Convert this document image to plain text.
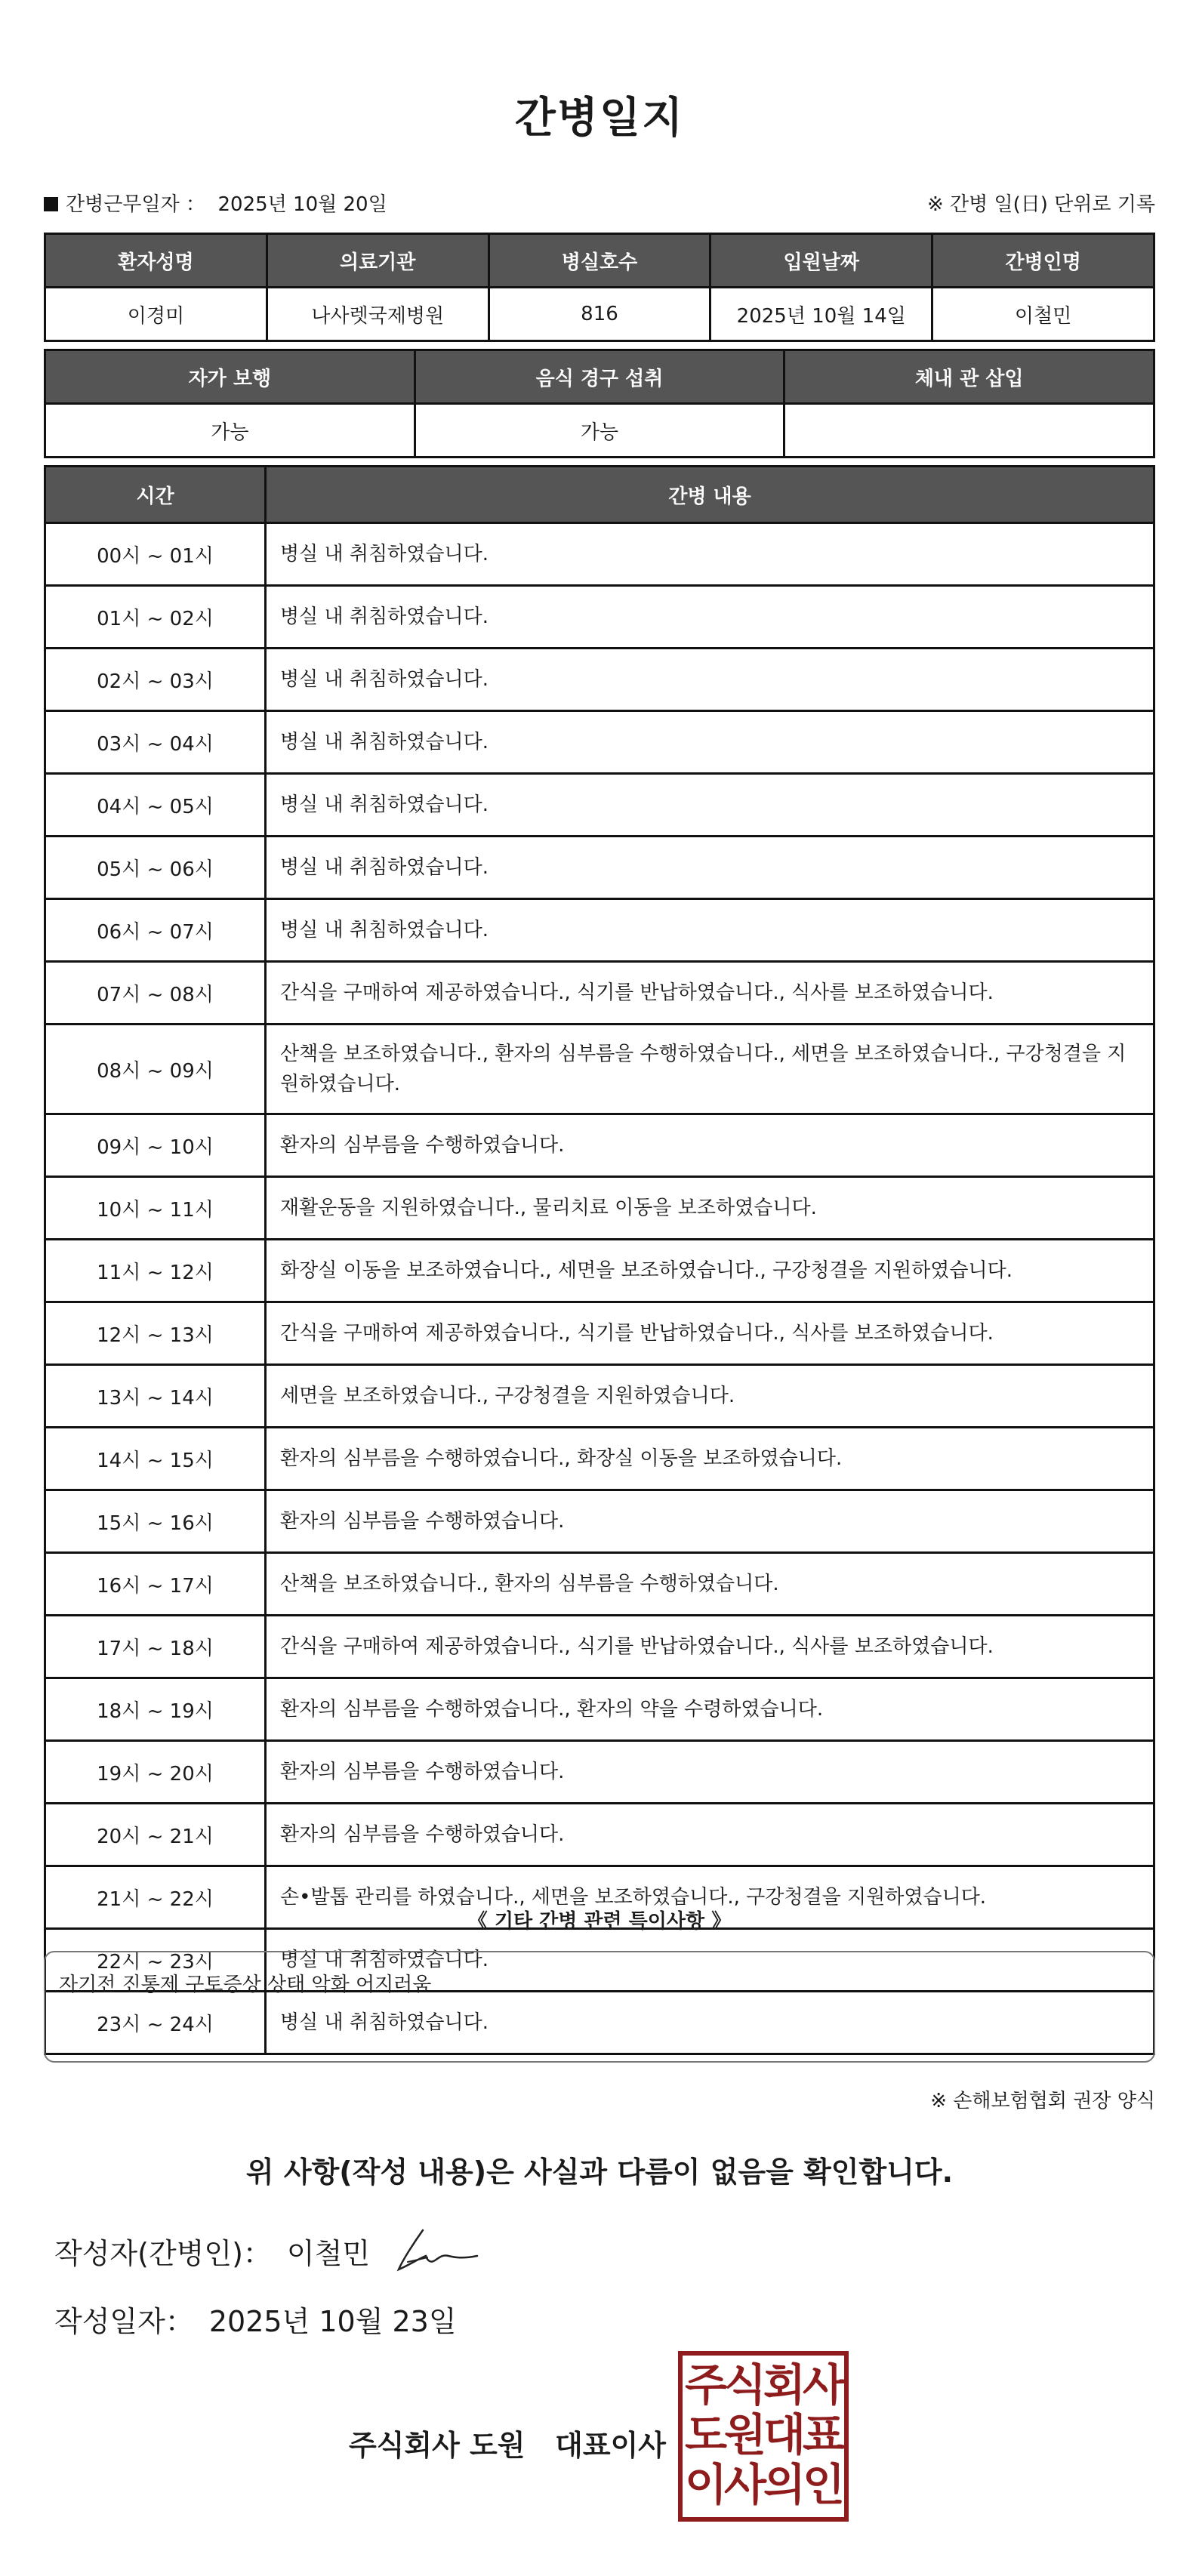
간병일지
간병근무일자 ： 2025년 10월 20일	※ 간병 일(日) 단위로 기록
환자성명	의료기관	병실호수	입원날짜	간병인명
이경미	나사렛국제병원	816	2025년 10월 14일	이철민
자가 보행	음식 경구 섭취	체내 관 삽입
가능	가능	
시간	간병 내용
00시 ~ 01시	병실 내 취침하였습니다.
01시 ~ 02시	병실 내 취침하였습니다.
02시 ~ 03시	병실 내 취침하였습니다.
03시 ~ 04시	병실 내 취침하였습니다.
04시 ~ 05시	병실 내 취침하였습니다.
05시 ~ 06시	병실 내 취침하였습니다.
06시 ~ 07시	병실 내 취침하였습니다.
07시 ~ 08시	간식을 구매하여 제공하였습니다., 식기를 반납하였습니다., 식사를 보조하였습니다.
08시 ~ 09시	산책을 보조하였습니다., 환자의 심부름을 수행하였습니다., 세면을 보조하였습니다., 구강청결을 지원하였습니다.
09시 ~ 10시	환자의 심부름을 수행하였습니다.
10시 ~ 11시	재활운동을 지원하였습니다., 물리치료 이동을 보조하였습니다.
11시 ~ 12시	화장실 이동을 보조하였습니다., 세면을 보조하였습니다., 구강청결을 지원하였습니다.
12시 ~ 13시	간식을 구매하여 제공하였습니다., 식기를 반납하였습니다., 식사를 보조하였습니다.
13시 ~ 14시	세면을 보조하였습니다., 구강청결을 지원하였습니다.
14시 ~ 15시	환자의 심부름을 수행하였습니다., 화장실 이동을 보조하였습니다.
15시 ~ 16시	환자의 심부름을 수행하였습니다.
16시 ~ 17시	산책을 보조하였습니다., 환자의 심부름을 수행하였습니다.
17시 ~ 18시	간식을 구매하여 제공하였습니다., 식기를 반납하였습니다., 식사를 보조하였습니다.
18시 ~ 19시	환자의 심부름을 수행하였습니다., 환자의 약을 수령하였습니다.
19시 ~ 20시	환자의 심부름을 수행하였습니다.
20시 ~ 21시	환자의 심부름을 수행하였습니다.
21시 ~ 22시	손•발톱 관리를 하였습니다., 세면을 보조하였습니다., 구강청결을 지원하였습니다.
22시 ~ 23시	병실 내 취침하였습니다.
23시 ~ 24시	병실 내 취침하였습니다.
《 기타 간병 관련 특이사항 》
자기전 진통제 구토증상 상태 악화 어지러움
※ 손해보험협회 권장 양식
위 사항(작성 내용)은 사실과 다름이 없음을 확인합니다.
작성자(간병인)： 이철민
작성일자： 2025년 10월 23일
주식회사 도원   대표이사
주식회사
도원대표
이사의인
